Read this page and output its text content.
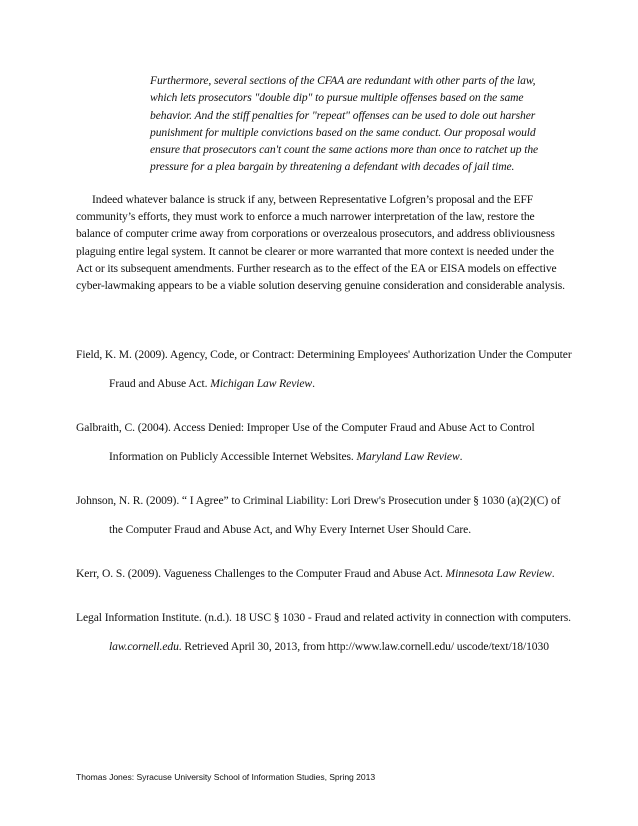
Furthermore, several sections of the CFAA are redundant with other parts of the law, which lets prosecutors "double dip" to pursue multiple offenses based on the same behavior. And the stiff penalties for "repeat" offenses can be used to dole out harsher punishment for multiple convictions based on the same conduct. Our proposal would ensure that prosecutors can't count the same actions more than once to ratchet up the pressure for a plea bargain by threatening a defendant with decades of jail time.

Indeed whatever balance is struck if any, between Representative Lofgren’s proposal and the EFF community’s efforts, they must work to enforce a much narrower interpretation of the law, restore the balance of computer crime away from corporations or overzealous prosecutors, and address obliviousness plaguing entire legal system. It cannot be clearer or more warranted that more context is needed under the Act or its subsequent amendments. Further research as to the effect of the EA or EISA models on effective cyber-lawmaking appears to be a viable solution deserving genuine consideration and considerable analysis.

Field, K. M. (2009). Agency, Code, or Contract: Determining Employees' Authorization Under the Computer Fraud and Abuse Act. Michigan Law Review.
Galbraith, C. (2004). Access Denied: Improper Use of the Computer Fraud and Abuse Act to Control Information on Publicly Accessible Internet Websites. Maryland Law Review.
Johnson, N. R. (2009). “ I Agree” to Criminal Liability: Lori Drew's Prosecution under § 1030 (a)(2)(C) of the Computer Fraud and Abuse Act, and Why Every Internet User Should Care.
Kerr, O. S. (2009). Vagueness Challenges to the Computer Fraud and Abuse Act. Minnesota Law Review.
Legal Information Institute. (n.d.). 18 USC § 1030 - Fraud and related activity in connection with computers. law.cornell.edu. Retrieved April 30, 2013, from http://www.law.cornell.edu/ uscode/text/18/1030
Thomas Jones: Syracuse University School of Information Studies, Spring 2013
